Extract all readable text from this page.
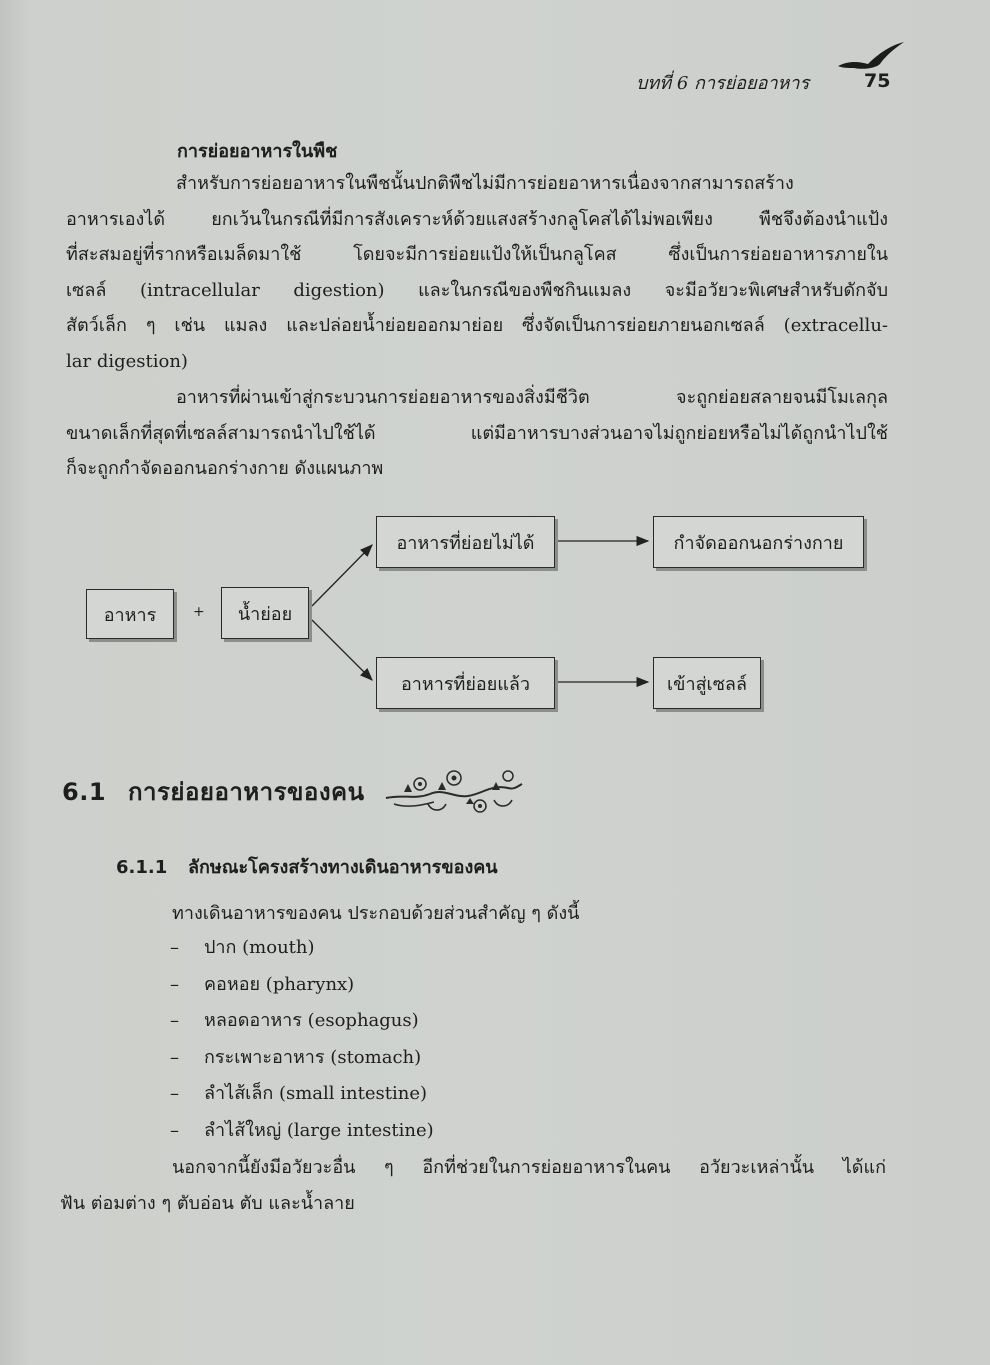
บทที่ 6 การย่อยอาหาร	75
การย่อยอาหารในพืช
สำหรับการย่อยอาหารในพืชนั้นปกติพืชไม่มีการย่อยอาหารเนื่องจากสามารถสร้าง
อาหารเองได้ ยกเว้นในกรณีที่มีการสังเคราะห์ด้วยแสงสร้างกลูโคสได้ไม่พอเพียง พืชจึงต้องนำแป้ง
ที่สะสมอยู่ที่รากหรือเมล็ดมาใช้ โดยจะมีการย่อยแป้งให้เป็นกลูโคส ซึ่งเป็นการย่อยอาหารภายใน
เซลล์ (intracellular digestion) และในกรณีของพืชกินแมลง จะมีอวัยวะพิเศษสำหรับดักจับ
สัตว์เล็ก ๆ เช่น แมลง และปล่อยน้ำย่อยออกมาย่อย ซึ่งจัดเป็นการย่อยภายนอกเซลล์ (extracellu-
lar digestion)
อาหารที่ผ่านเข้าสู่กระบวนการย่อยอาหารของสิ่งมีชีวิต จะถูกย่อยสลายจนมีโมเลกุล
ขนาดเล็กที่สุดที่เซลล์สามารถนำไปใช้ได้ แต่มีอาหารบางส่วนอาจไม่ถูกย่อยหรือไม่ได้ถูกนำไปใช้
ก็จะถูกกำจัดออกนอกร่างกาย ดังแผนภาพ
อาหาร	+	น้ำย่อย
อาหารที่ย่อยไม่ได้	กำจัดออกนอกร่างกาย
อาหารที่ย่อยแล้ว	เข้าสู่เซลล์
6.1 การย่อยอาหารของคน
6.1.1 ลักษณะโครงสร้างทางเดินอาหารของคน
ทางเดินอาหารของคน ประกอบด้วยส่วนสำคัญ ๆ ดังนี้
– ปาก (mouth)
– คอหอย (pharynx)
– หลอดอาหาร (esophagus)
– กระเพาะอาหาร (stomach)
– ลำไส้เล็ก (small intestine)
– ลำไส้ใหญ่ (large intestine)
นอกจากนี้ยังมีอวัยวะอื่น ๆ อีกที่ช่วยในการย่อยอาหารในคน อวัยวะเหล่านั้น ได้แก่
ฟัน ต่อมต่าง ๆ ตับอ่อน ตับ และน้ำลาย
